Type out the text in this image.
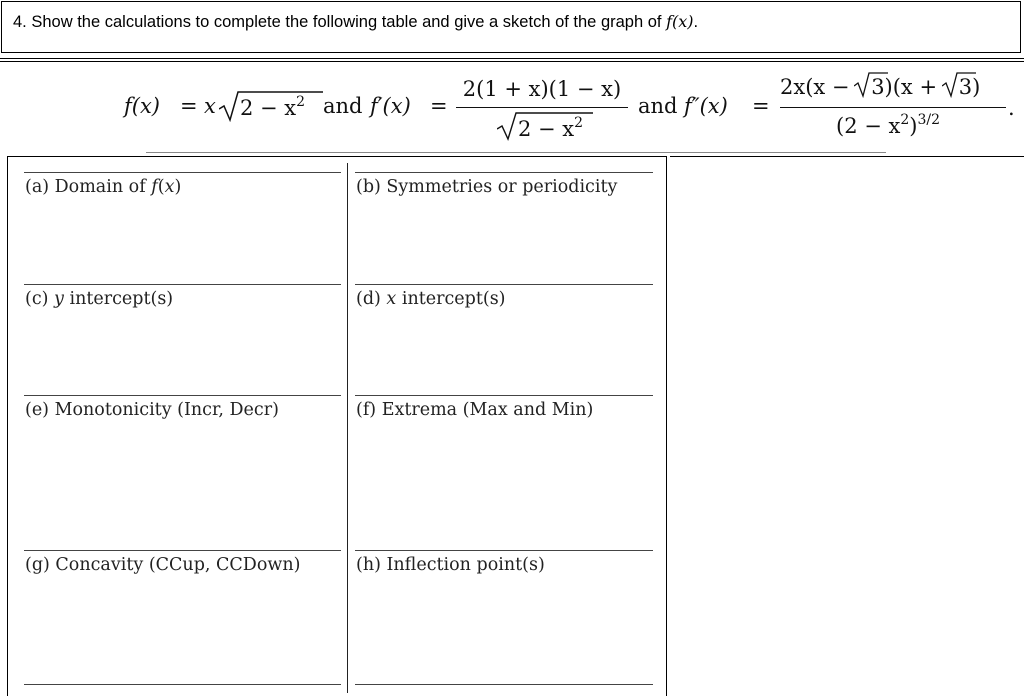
4. Show the calculations to complete the following table and give a sketch of the graph of f(x).
f(x) = x $2 - x^2$ and f′(x) =
2(1 + x)(1 − x)
$2 - x^2$
and f″(x) =
2x(x −
3)(x +
3)
$(2 - x^2)^{3/2}$	.
(a) Domain of f(x)	(b) Symmetries or periodicity
(c) y intercept(s)	(d) x intercept(s)
(e) Monotonicity (Incr, Decr)	(f) Extrema (Max and Min)
(g) Concavity (CCup, CCDown)	(h) Inflection point(s)
